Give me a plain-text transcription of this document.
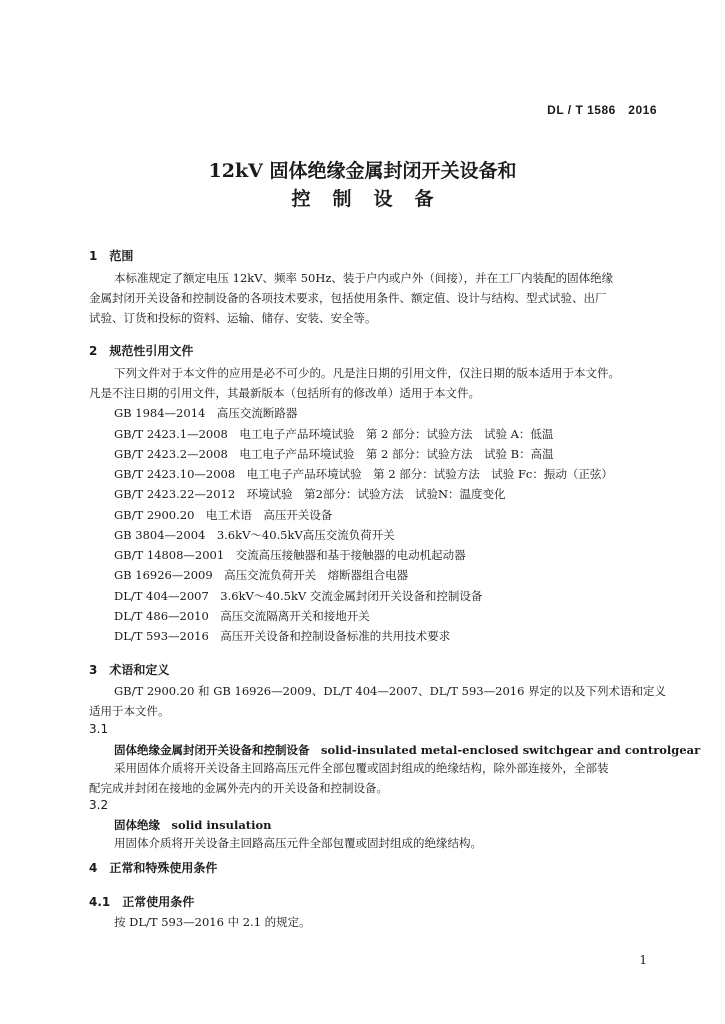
DL / T 1586　2016
12kV 固体绝缘金属封闭开关设备和
控制设备
1　范围
本标准规定了额定电压 12kV、频率 50Hz、装于户内或户外（间接），并在工厂内装配的固体绝缘
金属封闭开关设备和控制设备的各项技术要求，包括使用条件、额定值、设计与结构、型式试验、出厂
试验、订货和投标的资料、运输、储存、安装、安全等。
2　规范性引用文件
下列文件对于本文件的应用是必不可少的。凡是注日期的引用文件，仅注日期的版本适用于本文件。
凡是不注日期的引用文件，其最新版本（包括所有的修改单）适用于本文件。
GB 1984—2014　高压交流断路器
GB/T 2423.1—2008　电工电子产品环境试验　第 2 部分：试验方法　试验 A：低温
GB/T 2423.2—2008　电工电子产品环境试验　第 2 部分：试验方法　试验 B：高温
GB/T 2423.10—2008　电工电子产品环境试验　第 2 部分：试验方法　试验 Fc：振动（正弦）
GB/T 2423.22—2012　环境试验　第2部分：试验方法　试验N：温度变化
GB/T 2900.20　电工术语　高压开关设备
GB 3804—2004　3.6kV～40.5kV高压交流负荷开关
GB/T 14808—2001　交流高压接触器和基于接触器的电动机起动器
GB 16926—2009　高压交流负荷开关　熔断器组合电器
DL/T 404—2007　3.6kV～40.5kV 交流金属封闭开关设备和控制设备
DL/T 486—2010　高压交流隔离开关和接地开关
DL/T 593—2016　高压开关设备和控制设备标准的共用技术要求
3　术语和定义
GB/T 2900.20 和 GB 16926—2009、DL/T 404—2007、DL/T 593—2016 界定的以及下列术语和定义
适用于本文件。
3.1
固体绝缘金属封闭开关设备和控制设备　solid-insulated metal-enclosed switchgear and controlgear
采用固体介质将开关设备主回路高压元件全部包覆或固封组成的绝缘结构，除外部连接外，全部装
配完成并封闭在接地的金属外壳内的开关设备和控制设备。
3.2
固体绝缘　solid insulation
用固体介质将开关设备主回路高压元件全部包覆或固封组成的绝缘结构。
4　正常和特殊使用条件
4.1　正常使用条件
按 DL/T 593—2016 中 2.1 的规定。
1
